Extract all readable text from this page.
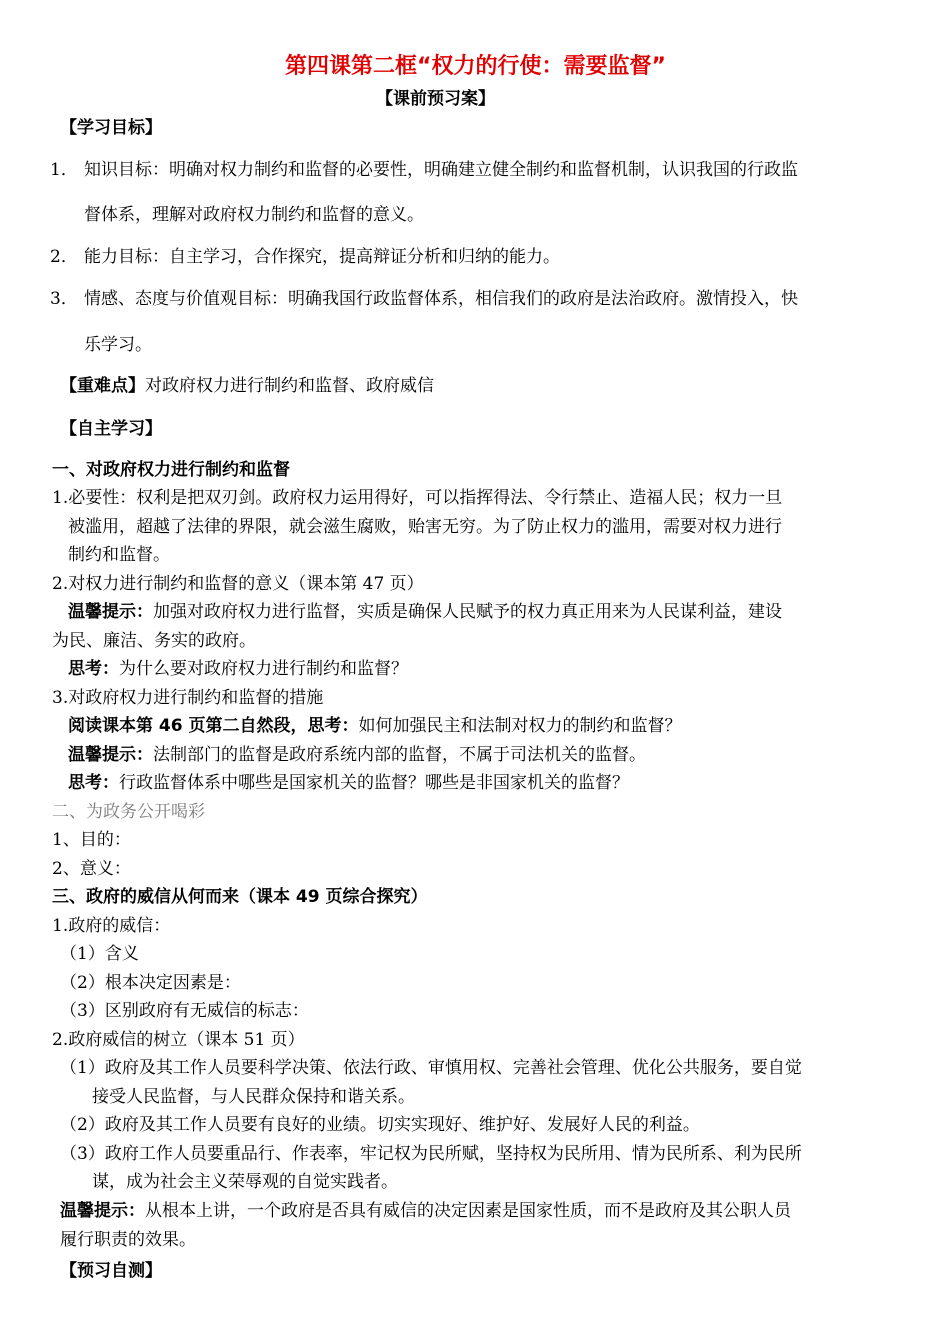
第四课第二框“权力的行使：需要监督”
【课前预习案】
【学习目标】
1． 知识目标：明确对权力制约和监督的必要性，明确建立健全制约和监督机制，认识我国的行政监
督体系，理解对政府权力制约和监督的意义。
2． 能力目标：自主学习，合作探究，提高辩证分析和归纳的能力。
3． 情感、态度与价值观目标：明确我国行政监督体系，相信我们的政府是法治政府。激情投入，快
乐学习。
【重难点】对政府权力进行制约和监督、政府威信
【自主学习】
一、对政府权力进行制约和监督
1.必要性：权利是把双刃剑。政府权力运用得好，可以指挥得法、令行禁止、造福人民；权力一旦
被滥用，超越了法律的界限，就会滋生腐败，贻害无穷。为了防止权力的滥用，需要对权力进行
制约和监督。
2.对权力进行制约和监督的意义（课本第 47 页）
温馨提示：加强对政府权力进行监督，实质是确保人民赋予的权力真正用来为人民谋利益，建设
为民、廉洁、务实的政府。
思考：为什么要对政府权力进行制约和监督？
3.对政府权力进行制约和监督的措施
阅读课本第 46 页第二自然段，思考：如何加强民主和法制对权力的制约和监督？
温馨提示：法制部门的监督是政府系统内部的监督，不属于司法机关的监督。
思考：行政监督体系中哪些是国家机关的监督？哪些是非国家机关的监督？
二、为政务公开喝彩
1、目的：
2、意义：
三、政府的威信从何而来（课本 49 页综合探究）
1.政府的威信：
（1）含义
（2）根本决定因素是：
（3）区别政府有无威信的标志：
2.政府威信的树立（课本 51 页）
（1）政府及其工作人员要科学决策、依法行政、审慎用权、完善社会管理、优化公共服务，要自觉
接受人民监督，与人民群众保持和谐关系。
（2）政府及其工作人员要有良好的业绩。切实实现好、维护好、发展好人民的利益。
（3）政府工作人员要重品行、作表率，牢记权为民所赋，坚持权为民所用、情为民所系、利为民所
谋，成为社会主义荣辱观的自觉实践者。
温馨提示：从根本上讲，一个政府是否具有威信的决定因素是国家性质，而不是政府及其公职人员
履行职责的效果。
【预习自测】
